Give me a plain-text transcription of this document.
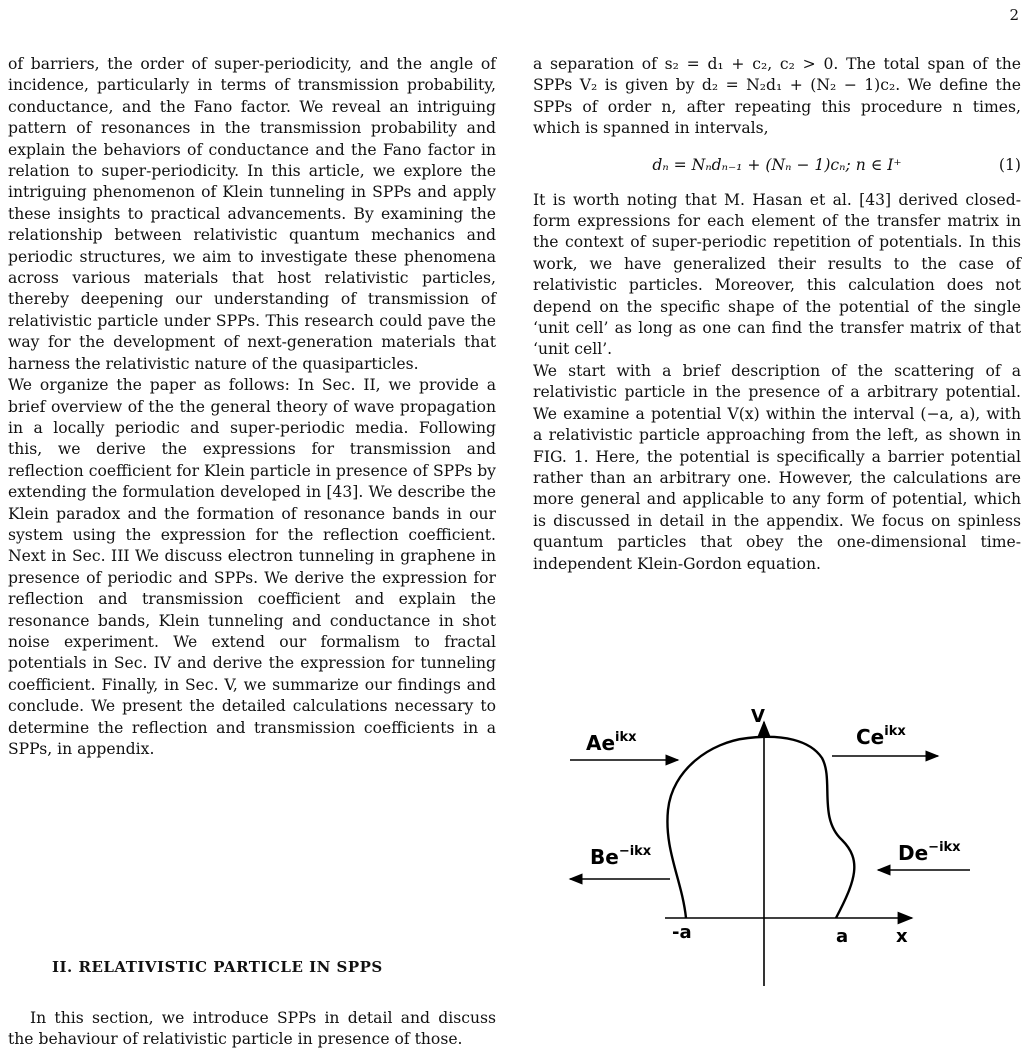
2

of barriers, the order of super-periodicity, and the angle of incidence, particularly in terms of transmission probability, conductance, and the Fano factor. We reveal an intriguing pattern of resonances in the transmission probability and explain the behaviors of conductance and the Fano factor in relation to super-periodicity. In this article, we explore the intriguing phenomenon of Klein tunneling in SPPs and apply these insights to practical advancements. By examining the relationship between relativistic quantum mechanics and periodic structures, we aim to investigate these phenomena across various materials that host relativistic particles, thereby deepening our understanding of transmission of relativistic particle under SPPs. This research could pave the way for the development of next-generation materials that harness the relativistic nature of the quasiparticles.

We organize the paper as follows: In Sec. II, we provide a brief overview of the the general theory of wave propagation in a locally periodic and super-periodic media. Following this, we derive the expressions for transmission and reflection coefficient for Klein particle in presence of SPPs by extending the formulation developed in [43]. We describe the Klein paradox and the formation of resonance bands in our system using the expression for the reflection coefficient. Next in Sec. III We discuss electron tunneling in graphene in presence of periodic and SPPs. We derive the expression for reflection and transmission coefficient and explain the resonance bands, Klein tunneling and conductance in shot noise experiment. We extend our formalism to fractal potentials in Sec. IV and derive the expression for tunneling coefficient. Finally, in Sec. V, we summarize our findings and conclude. We present the detailed calculations necessary to determine the reflection and transmission coefficients in a SPPs, in appendix.

II. RELATIVISTIC PARTICLE IN SPPS
In this section, we introduce SPPs in detail and discuss the behaviour of relativistic particle in presence of those.

a separation of s₂ = d₁ + c₂, c₂ > 0. The total span of the SPPs V₂ is given by d₂ = N₂d₁ + (N₂ − 1)c₂. We define the SPPs of order n, after repeating this procedure n times, which is spanned in intervals,

dₙ = Nₙdₙ₋₁ + (Nₙ − 1)cₙ; n ∈ I⁺	(1)

It is worth noting that M. Hasan et al. [43] derived closed-form expressions for each element of the transfer matrix in the context of super-periodic repetition of potentials. In this work, we have generalized their results to the case of relativistic particles. Moreover, this calculation does not depend on the specific shape of the potential of the single ‘unit cell’ as long as one can find the transfer matrix of that ‘unit cell’.

We start with a brief description of the scattering of a relativistic particle in the presence of a arbitrary potential. We examine a potential V(x) within the interval (−a, a), with a relativistic particle approaching from the left, as shown in FIG. 1. Here, the potential is specifically a barrier potential rather than an arbitrary one. However, the calculations are more general and applicable to any form of potential, which is discussed in detail in the appendix. We focus on spinless quantum particles that obey the one-dimensional time-independent Klein-Gordon equation.

$Ae^{ikx}$	$Ce^{ikx}$
$Be^{-ikx}$	$De^{-ikx}$
V
x
-a	a
